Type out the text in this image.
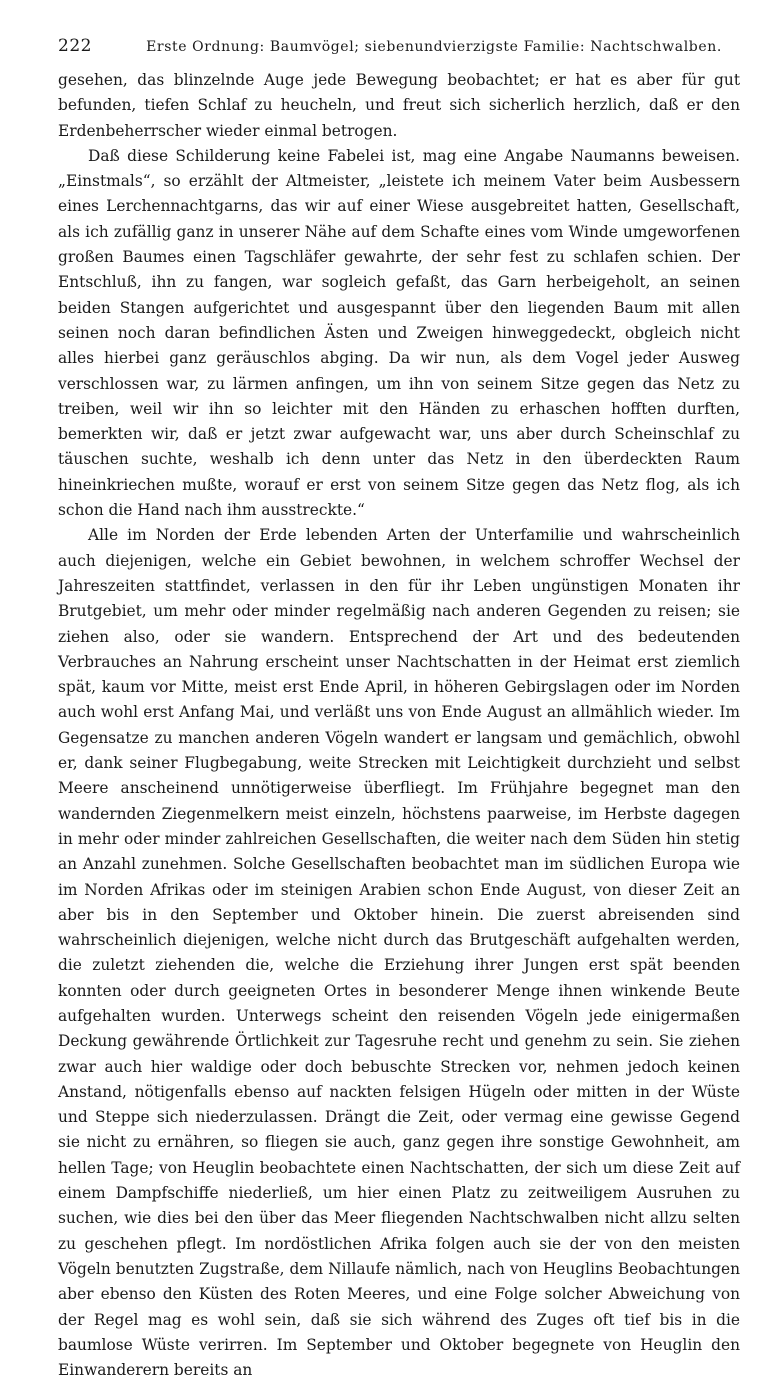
222	Erste Ordnung: Baumvögel; siebenundvierzigste Familie: Nachtschwalben.

gesehen, das blinzelnde Auge jede Bewegung beobachtet; er hat es aber für gut befunden, tiefen Schlaf zu heucheln, und freut sich sicherlich herzlich, daß er den Erdenbeherrscher wieder einmal betrogen.

Daß diese Schilderung keine Fabelei ist, mag eine Angabe Naumanns beweisen. „Einstmals“, so erzählt der Altmeister, „leistete ich meinem Vater beim Ausbessern eines Lerchennachtgarns, das wir auf einer Wiese ausgebreitet hatten, Gesellschaft, als ich zufällig ganz in unserer Nähe auf dem Schafte eines vom Winde umgeworfenen großen Baumes einen Tagschläfer gewahrte, der sehr fest zu schlafen schien. Der Entschluß, ihn zu fangen, war sogleich gefaßt, das Garn herbeigeholt, an seinen beiden Stangen aufgerichtet und ausgespannt über den liegenden Baum mit allen seinen noch daran befindlichen Ästen und Zweigen hinweggedeckt, obgleich nicht alles hierbei ganz geräuschlos abging. Da wir nun, als dem Vogel jeder Ausweg verschlossen war, zu lärmen anfingen, um ihn von seinem Sitze gegen das Netz zu treiben, weil wir ihn so leichter mit den Händen zu erhaschen hofften durften, bemerkten wir, daß er jetzt zwar aufgewacht war, uns aber durch Scheinschlaf zu täuschen suchte, weshalb ich denn unter das Netz in den überdeckten Raum hineinkriechen mußte, worauf er erst von seinem Sitze gegen das Netz flog, als ich schon die Hand nach ihm ausstreckte.“

Alle im Norden der Erde lebenden Arten der Unterfamilie und wahrscheinlich auch diejenigen, welche ein Gebiet bewohnen, in welchem schroffer Wechsel der Jahreszeiten stattfindet, verlassen in den für ihr Leben ungünstigen Monaten ihr Brutgebiet, um mehr oder minder regelmäßig nach anderen Gegenden zu reisen; sie ziehen also, oder sie wandern. Entsprechend der Art und des bedeutenden Verbrauches an Nahrung erscheint unser Nachtschatten in der Heimat erst ziemlich spät, kaum vor Mitte, meist erst Ende April, in höheren Gebirgslagen oder im Norden auch wohl erst Anfang Mai, und verläßt uns von Ende August an allmählich wieder. Im Gegensatze zu manchen anderen Vögeln wandert er langsam und gemächlich, obwohl er, dank seiner Flugbegabung, weite Strecken mit Leichtigkeit durchzieht und selbst Meere anscheinend unnötigerweise überfliegt. Im Frühjahre begegnet man den wandernden Ziegenmelkern meist einzeln, höchstens paarweise, im Herbste dagegen in mehr oder minder zahlreichen Gesellschaften, die weiter nach dem Süden hin stetig an Anzahl zunehmen. Solche Gesellschaften beobachtet man im südlichen Europa wie im Norden Afrikas oder im steinigen Arabien schon Ende August, von dieser Zeit an aber bis in den September und Oktober hinein. Die zuerst abreisenden sind wahrscheinlich diejenigen, welche nicht durch das Brutgeschäft aufgehalten werden, die zuletzt ziehenden die, welche die Erziehung ihrer Jungen erst spät beenden konnten oder durch geeigneten Ortes in besonderer Menge ihnen winkende Beute aufgehalten wurden. Unterwegs scheint den reisenden Vögeln jede einigermaßen Deckung gewährende Örtlichkeit zur Tagesruhe recht und genehm zu sein. Sie ziehen zwar auch hier waldige oder doch bebuschte Strecken vor, nehmen jedoch keinen Anstand, nötigenfalls ebenso auf nackten felsigen Hügeln oder mitten in der Wüste und Steppe sich niederzulassen. Drängt die Zeit, oder vermag eine gewisse Gegend sie nicht zu ernähren, so fliegen sie auch, ganz gegen ihre sonstige Gewohnheit, am hellen Tage; von Heuglin beobachtete einen Nachtschatten, der sich um diese Zeit auf einem Dampfschiffe niederließ, um hier einen Platz zu zeitweiligem Ausruhen zu suchen, wie dies bei den über das Meer fliegenden Nachtschwalben nicht allzu selten zu geschehen pflegt. Im nordöstlichen Afrika folgen auch sie der von den meisten Vögeln benutzten Zugstraße, dem Nillaufe nämlich, nach von Heuglins Beobachtungen aber ebenso den Küsten des Roten Meeres, und eine Folge solcher Abweichung von der Regel mag es wohl sein, daß sie sich während des Zuges oft tief bis in die baumlose Wüste verirren. Im September und Oktober begegnete von Heuglin den Einwanderern bereits an
